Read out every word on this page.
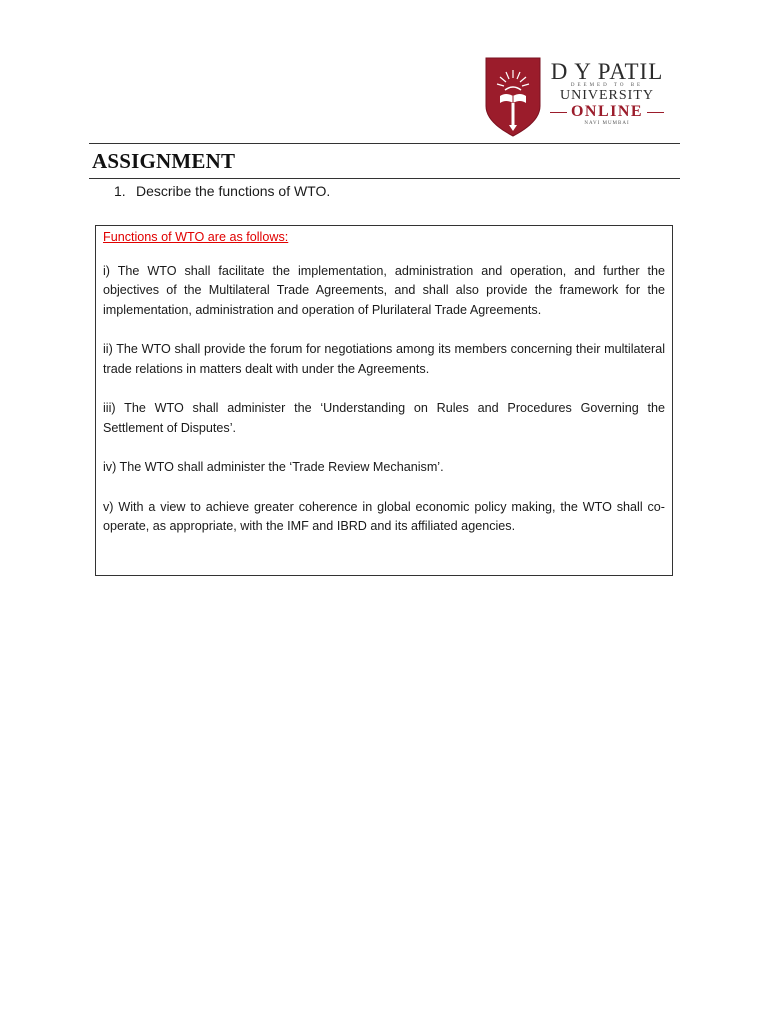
D Y PATIL
DEEMED TO BE
UNIVERSITY
ONLINE
NAVI MUMBAI
ASSIGNMENT
1. Describe the functions of WTO.

Functions of WTO are as follows:

i) The WTO shall facilitate the implementation, administration and operation, and further the objectives of the Multilateral Trade Agreements, and shall also provide the framework for the implementation, administration and operation of Plurilateral Trade Agreements.

ii) The WTO shall provide the forum for negotiations among its members concerning their multilateral trade relations in matters dealt with under the Agreements.

iii) The WTO shall administer the ‘Understanding on Rules and Procedures Governing the Settlement of Disputes’.

iv) The WTO shall administer the ‘Trade Review Mechanism’.

v) With a view to achieve greater coherence in global economic policy making, the WTO shall co-operate, as appropriate, with the IMF and IBRD and its affiliated agencies.
